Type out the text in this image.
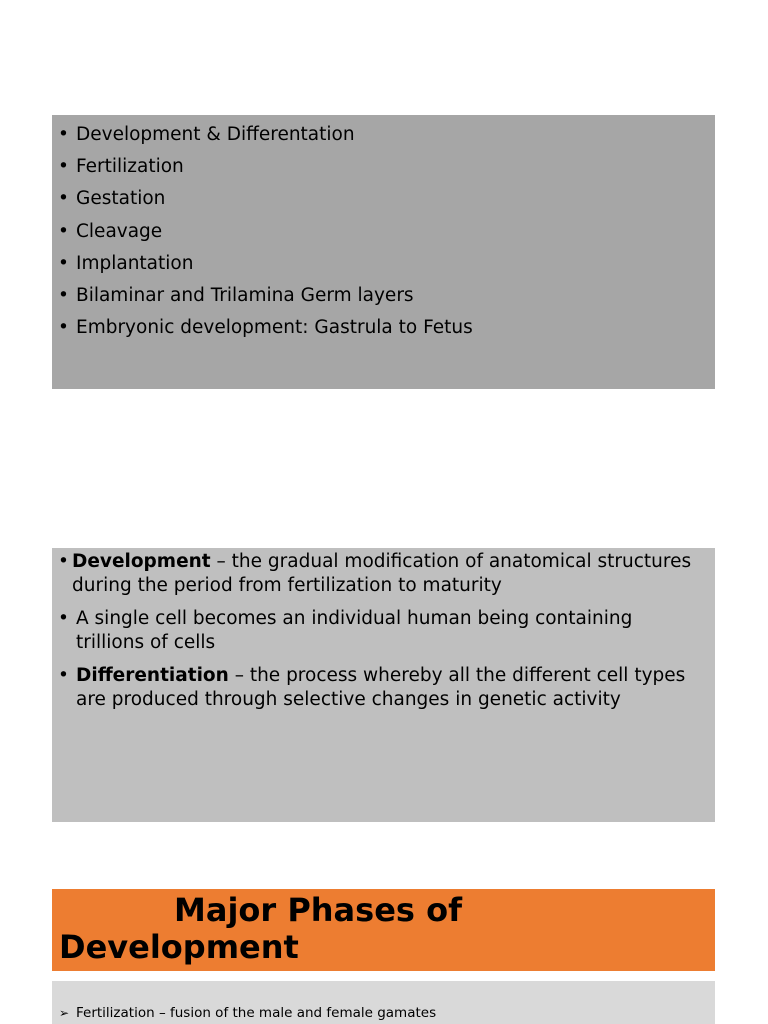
• Development & Differentation
• Fertilization
• Gestation
• Cleavage
• Implantation
• Bilaminar and Trilamina Germ layers
• Embryonic development: Gastrula to Fetus
• Development – the gradual modification of anatomical structures during the period from fertilization to maturity
• A single cell becomes an individual human being containing trillions of cells
• Differentiation – the process whereby all the different cell types are produced through selective changes in genetic activity
Major Phases of
Development
➢ Fertilization – fusion of the male and female gamates
